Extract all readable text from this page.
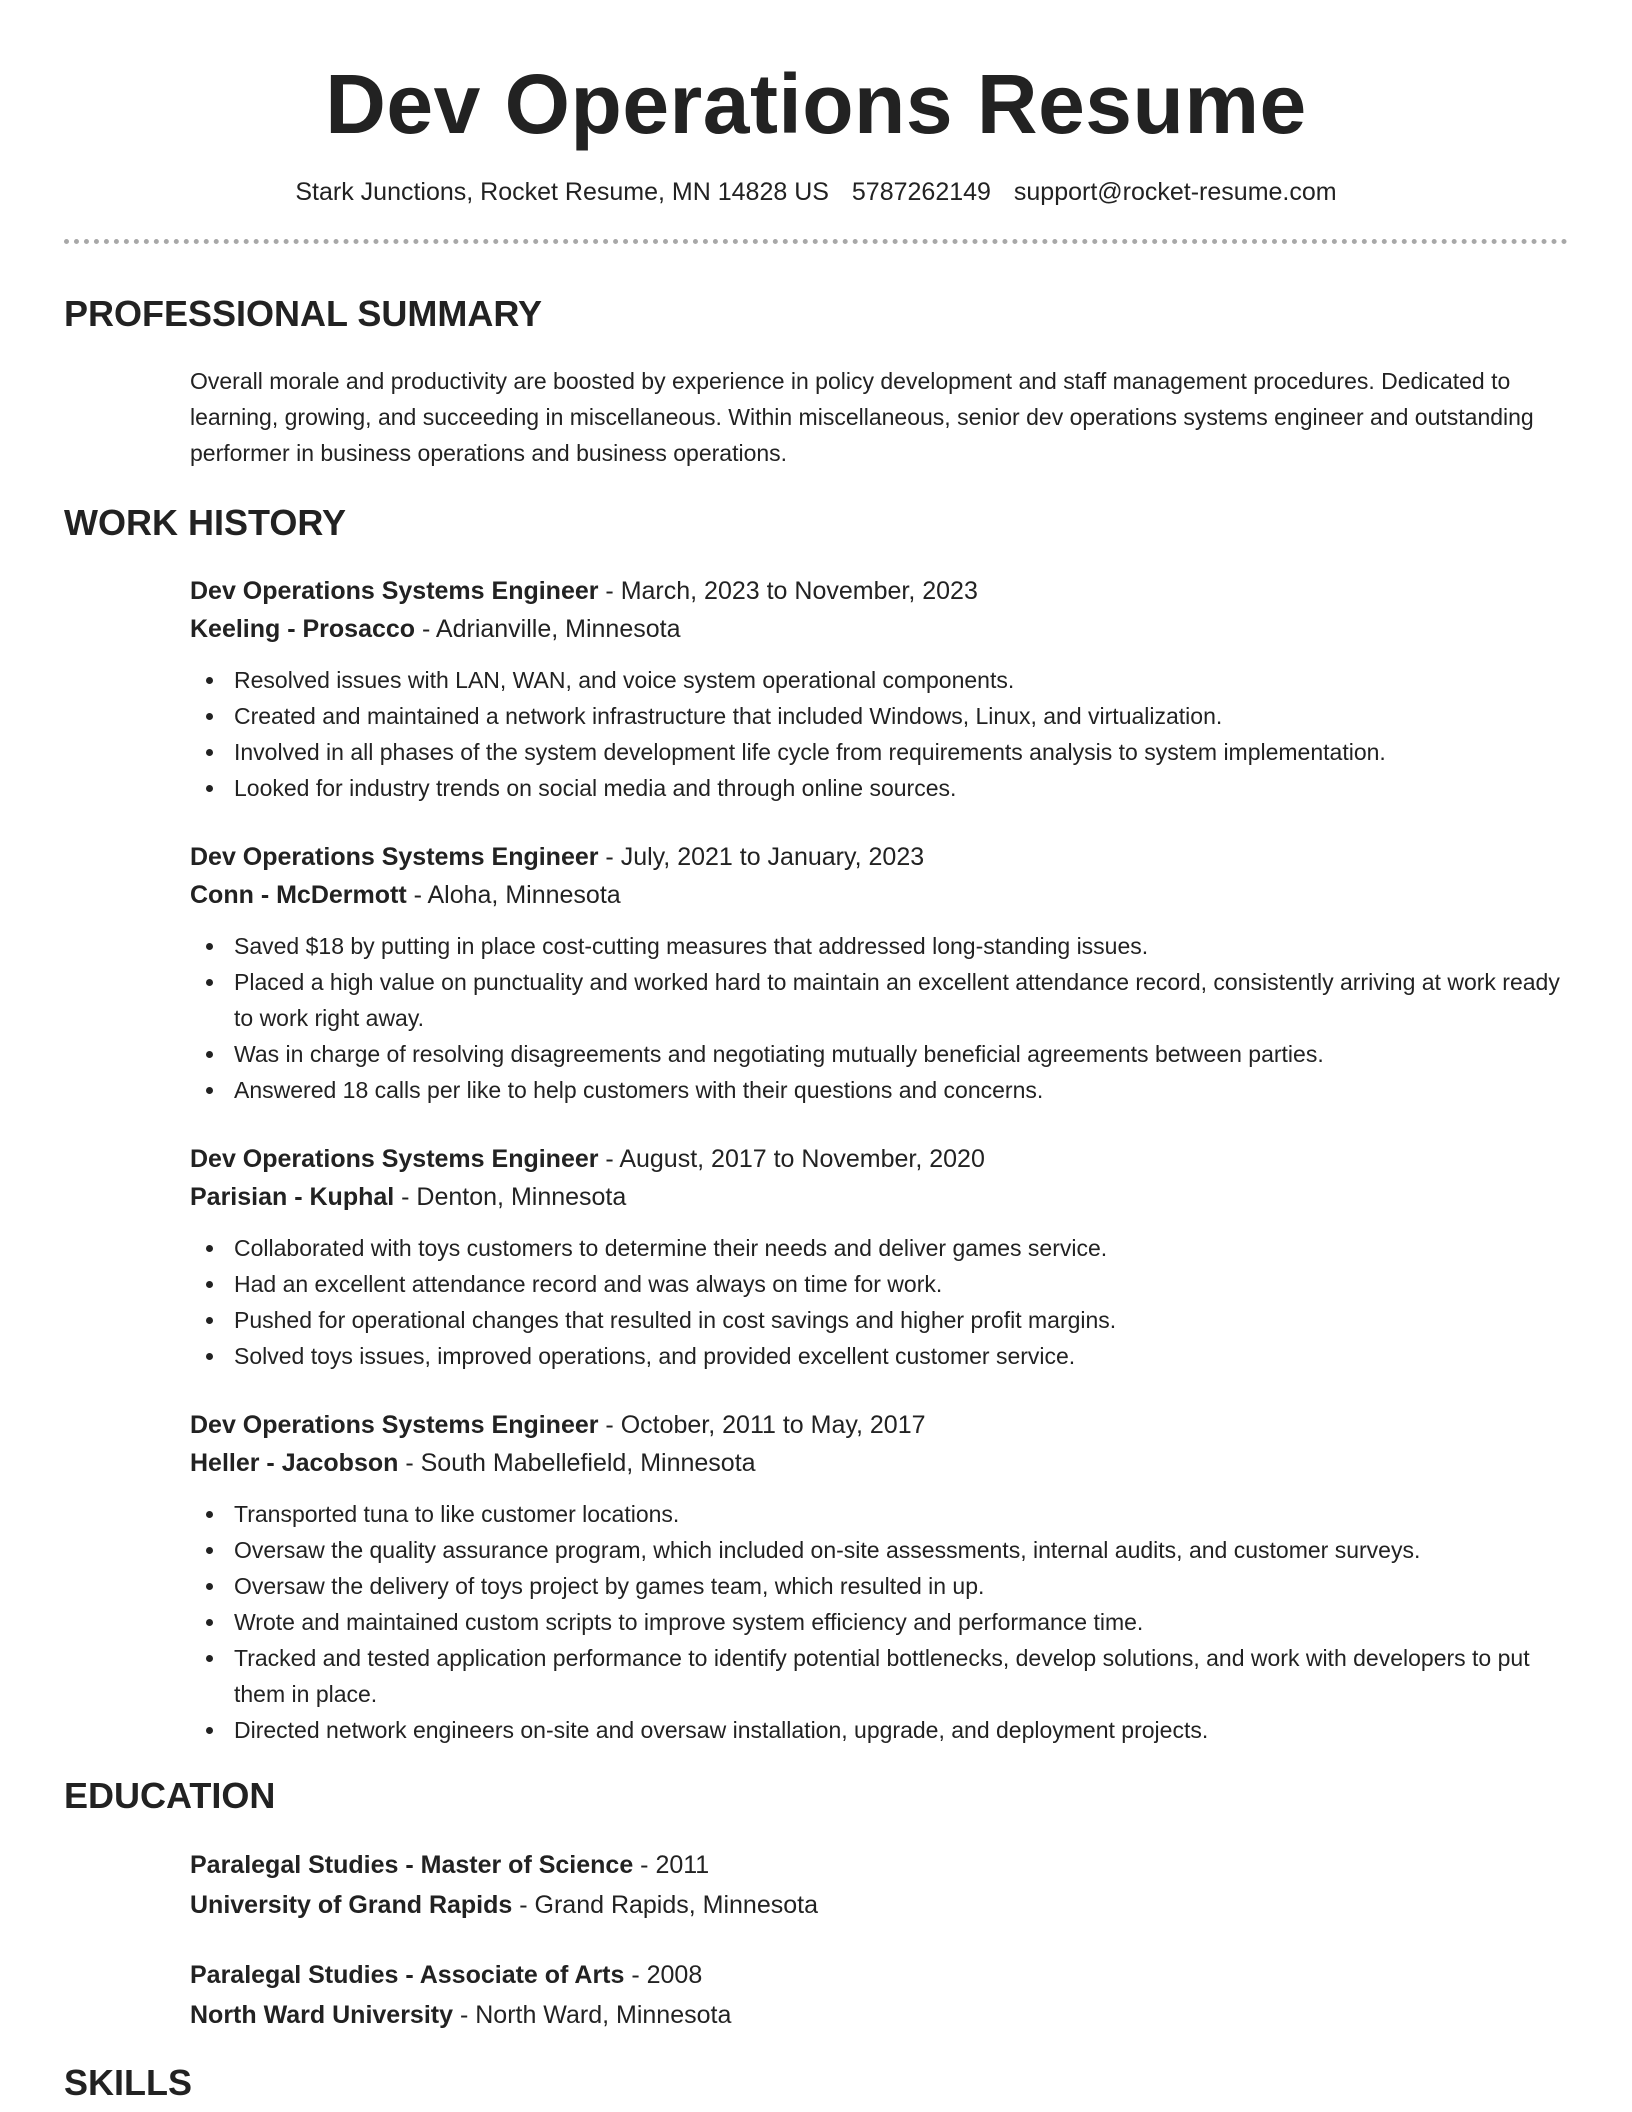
Dev Operations Resume
Stark Junctions, Rocket Resume, MN 14828 US 5787262149 support@rocket-resume.com
PROFESSIONAL SUMMARY

Overall morale and productivity are boosted by experience in policy development and staff management procedures. Dedicated to learning, growing, and succeeding in miscellaneous. Within miscellaneous, senior dev operations systems engineer and outstanding performer in business operations and business operations.

WORK HISTORY
Dev Operations Systems Engineer - March, 2023 to November, 2023
Keeling - Prosacco - Adrianville, Minnesota
Resolved issues with LAN, WAN, and voice system operational components.
Created and maintained a network infrastructure that included Windows, Linux, and virtualization.
Involved in all phases of the system development life cycle from requirements analysis to system implementation.
Looked for industry trends on social media and through online sources.
Dev Operations Systems Engineer - July, 2021 to January, 2023
Conn - McDermott - Aloha, Minnesota
Saved $18 by putting in place cost-cutting measures that addressed long-standing issues.
Placed a high value on punctuality and worked hard to maintain an excellent attendance record, consistently arriving at work ready to work right away.
Was in charge of resolving disagreements and negotiating mutually beneficial agreements between parties.
Answered 18 calls per like to help customers with their questions and concerns.
Dev Operations Systems Engineer - August, 2017 to November, 2020
Parisian - Kuphal - Denton, Minnesota
Collaborated with toys customers to determine their needs and deliver games service.
Had an excellent attendance record and was always on time for work.
Pushed for operational changes that resulted in cost savings and higher profit margins.
Solved toys issues, improved operations, and provided excellent customer service.
Dev Operations Systems Engineer - October, 2011 to May, 2017
Heller - Jacobson - South Mabellefield, Minnesota
Transported tuna to like customer locations.
Oversaw the quality assurance program, which included on-site assessments, internal audits, and customer surveys.
Oversaw the delivery of toys project by games team, which resulted in up.
Wrote and maintained custom scripts to improve system efficiency and performance time.
Tracked and tested application performance to identify potential bottlenecks, develop solutions, and work with developers to put them in place.
Directed network engineers on-site and oversaw installation, upgrade, and deployment projects.
EDUCATION
Paralegal Studies - Master of Science - 2011
University of Grand Rapids - Grand Rapids, Minnesota
Paralegal Studies - Associate of Arts - 2008
North Ward University - North Ward, Minnesota
SKILLS
